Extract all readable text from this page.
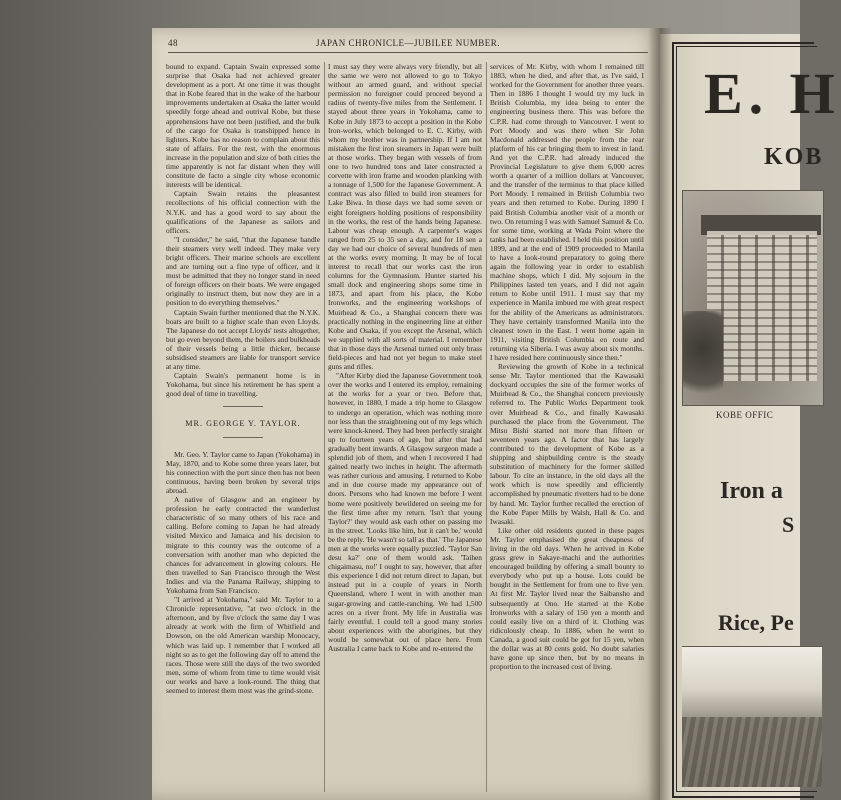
48	JAPAN CHRONICLE—JUBILEE NUMBER.

bound to expand. Captain Swain expressed some surprise that Osaka had not achieved greater development as a port. At one time it was thought that in Kobe feared that in the wake of the harbour improvements undertaken at Osaka the latter would speedily forge ahead and outrival Kobe, but these apprehensions have not been justified, and the bulk of the cargo for Osaka is transhipped hence in lighters. Kobe has no reason to complain about this state of affairs. For the rest, with the enormous increase in the population and size of both cities the time apparently is not far distant when they will constitute de facto a single city whose economic interests will be identical.

Captain Swain retains the pleasantest recollections of his official connection with the N.Y.K. and has a good word to say about the qualifications of the Japanese as sailors and officers.

"I consider," he said, "that the Japanese handle their steamers very well indeed. They make very bright officers. Their marine schools are excellent and are turning out a fine type of officer, and it must be admitted that they no longer stand in need of foreign officers on their boats. We were engaged originally to instruct them, but now they are in a position to do everything themselves."

Captain Swain further mentioned that the N.Y.K. boats are built to a higher scale than even Lloyds. The Japanese do not accept Lloyds' tests altogether, but go even beyond them, the boilers and bulkheads of their vessels being a little thicker, because subsidised steamers are liable for transport service at any time.

Captain Swain's permanent home is in Yokohama, but since his retirement he has spent a good deal of time in travelling.

MR. GEORGE Y. TAYLOR.

Mr. Geo. Y. Taylor came to Japan (Yokohama) in May, 1870, and to Kobe some three years later, but his connection with the port since then has not been continuous, having been broken by several trips abroad.

A native of Glasgow and an engineer by profession he early contracted the wanderlust characteristic of so many others of his race and calling. Before coming to Japan he had already visited Mexico and Jamaica and his decision to migrate to this country was the outcome of a conversation with another man who depicted the chances for advancement in glowing colours. He then travelled to San Francisco through the West Indies and via the Panama Railway, shipping to Yokohama from San Francisco.

"I arrived at Yokohama," said Mr. Taylor to a Chronicle representative, "at two o'clock in the afternoon, and by five o'clock the same day I was already at work with the firm of Whitfield and Dowson, on the old American warship Monocacy, which was laid up. I remember that I worked all night so as to get the following day off to attend the races. Those were still the days of the two sworded men, some of whom from time to time would visit our works and have a look-round. The thing that seemed to interest them most was the grind-stone.

I must say they were always very friendly, but all the same we were not allowed to go to Tokyo without an armed guard, and without special permission no foreigner could proceed beyond a radius of twenty-five miles from the Settlement. I stayed about three years in Yokohama, came to Kobe in July 1873 to accept a position in the Kobe Iron-works, which belonged to E. C. Kirby, with whom my brother was in partnership. If I am not mistaken the first iron steamers in Japan were built at those works. They began with vessels of from one to two hundred tons and later constructed a corvette with iron frame and wooden planking with a tonnage of 1,500 for the Japanese Government. A contract was also filled to build iron steamers for Lake Biwa. In those days we had some seven or eight foreigners holding positions of responsibility in the works, the rest of the hands being Japanese. Labour was cheap enough. A carpenter's wages ranged from 25 to 35 sen a day, and for 18 sen a day we had our choice of several hundreds of men at the works every morning. It may be of local interest to recall that our works cast the iron columns for the Gymnasium. Hunter started his small dock and engineering shops some time in 1873, and apart from his place, the Kobe Ironworks, and the engineering workshops of Muirhead & Co., a Shanghai concern there was practically nothing in the engineering line at either Kobe and Osaka, if you except the Arsenal, which we supplied with all sorts of material. I remember that in those days the Arsenal turned out only brass field-pieces and had not yet begun to make steel guns and rifles.

"After Kirby died the Japanese Government took over the works and I entered its employ, remaining at the works for a year or two. Before that, however, in 1880, I made a trip home to Glasgow to undergo an operation, which was nothing more nor less than the straightening out of my legs which were knock-kneed. They had been perfectly straight up to fourteen years of age, but after that had gradually bent inwards. A Glasgow surgeon made a splendid job of them, and when I recovered I had gained nearly two inches in height. The aftermath was rather curious and amusing. I returned to Kobe and in due course made my appearance out of doors. Persons who had known me before I went home were positively bewildered on seeing me for the first time after my return. 'Isn't that young Taylor?' they would ask each other on passing me in the street. 'Looks like him, but it can't be,' would be the reply. 'He wasn't so tall as that.' The Japanese men at the works were equally puzzled. 'Taylor San desu ka?' one of them would ask. 'Taihen chigaimasu, no!' I ought to say, however, that after this experience I did not return direct to Japan, but instead put in a couple of years in North Queensland, where I went in with another man sugar-growing and cattle-ranching. We had 1,500 acres on a river front. My life in Australia was fairly eventful. I could tell a good many stories about experiences with the aborigines, but they would be somewhat out of place here. From Australia I came back to Kobe and re-entered the

services of Mr. Kirby, with whom I remained till 1883, when he died, and after that, as I've said, I worked for the Government for another three years. Then in 1886 I thought I would try my luck in British Columbia, my idea being to enter the engineering business there. This was before the C.P.R. had come through to Vancouver. I went to Port Moody and was there when Sir John Macdonald addressed the people from the rear platform of his car bringing them to invest in land. And yet the C.P.R. had already induced the Provincial Legislature to give them 6,000 acres worth a quarter of a million dollars at Vancouver, and the transfer of the terminus to that place killed Port Moody. I remained in British Columbia two years and then returned to Kobe. During 1890 I paid British Columbia another visit of a month or two. On returning I was with Samuel Samuel & Co. for some time, working at Wada Point where the tanks had been established. I held this position until 1899, and at the end of 1909 proceeded to Manila to have a look-round preparatory to going there again the following year in order to establish machine shops, which I did. My sojourn in the Philippines lasted ten years, and I did not again return to Kobe until 1911. I must say that my experience in Manila imbued me with great respect for the ability of the Americans as administrators. They have certainly transformed Manila into the cleanest town in the East. I went home again in 1911, visiting British Columbia en route and returning via Siberia. I was away about six months. I have resided here continuously since then."

Reviewing the growth of Kobe in a technical sense Mr. Taylor mentioned that the Kawasaki dockyard occupies the site of the former works of Muirhead & Co., the Shanghai concern previously referred to. The Public Works Department took over Muirhead & Co., and finally Kawasaki purchased the place from the Government. The Mitsu Bishi started not more than fifteen or seventeen years ago. A factor that has largely contributed to the development of Kobe as a shipping and shipbuilding centre is the steady substitution of machinery for the former skilled labour. To cite an instance, in the old days all the work which is now speedily and efficiently accomplished by pneumatic rivetters had to be done by hand. Mr. Taylor further recalled the erection of the Kobe Paper Mills by Walsh, Hall & Co. and Iwasaki.

Like other old residents quoted in these pages Mr. Taylor emphasised the great cheapness of living in the old days. When he arrived in Kobe grass grew in Sakaye-machi and the authorities encouraged building by offering a small bounty to everybody who put up a house. Lots could be bought in the Settlement for from one to five yen. At first Mr. Taylor lived near the Saibansho and subsequently at Ono. He started at the Kobe Ironworks with a salary of 150 yen a month and could easily live on a third of it. Clothing was ridiculously cheap. In 1886, when he went to Canada, a good suit could be got for 15 yen, when the dollar was at 80 cents gold. No doubt salaries have gone up since then, but by no means in proportion to the increased cost of living.

E. H
KOB
KOBE OFFIC
Iron a
S
Rice, Pe
